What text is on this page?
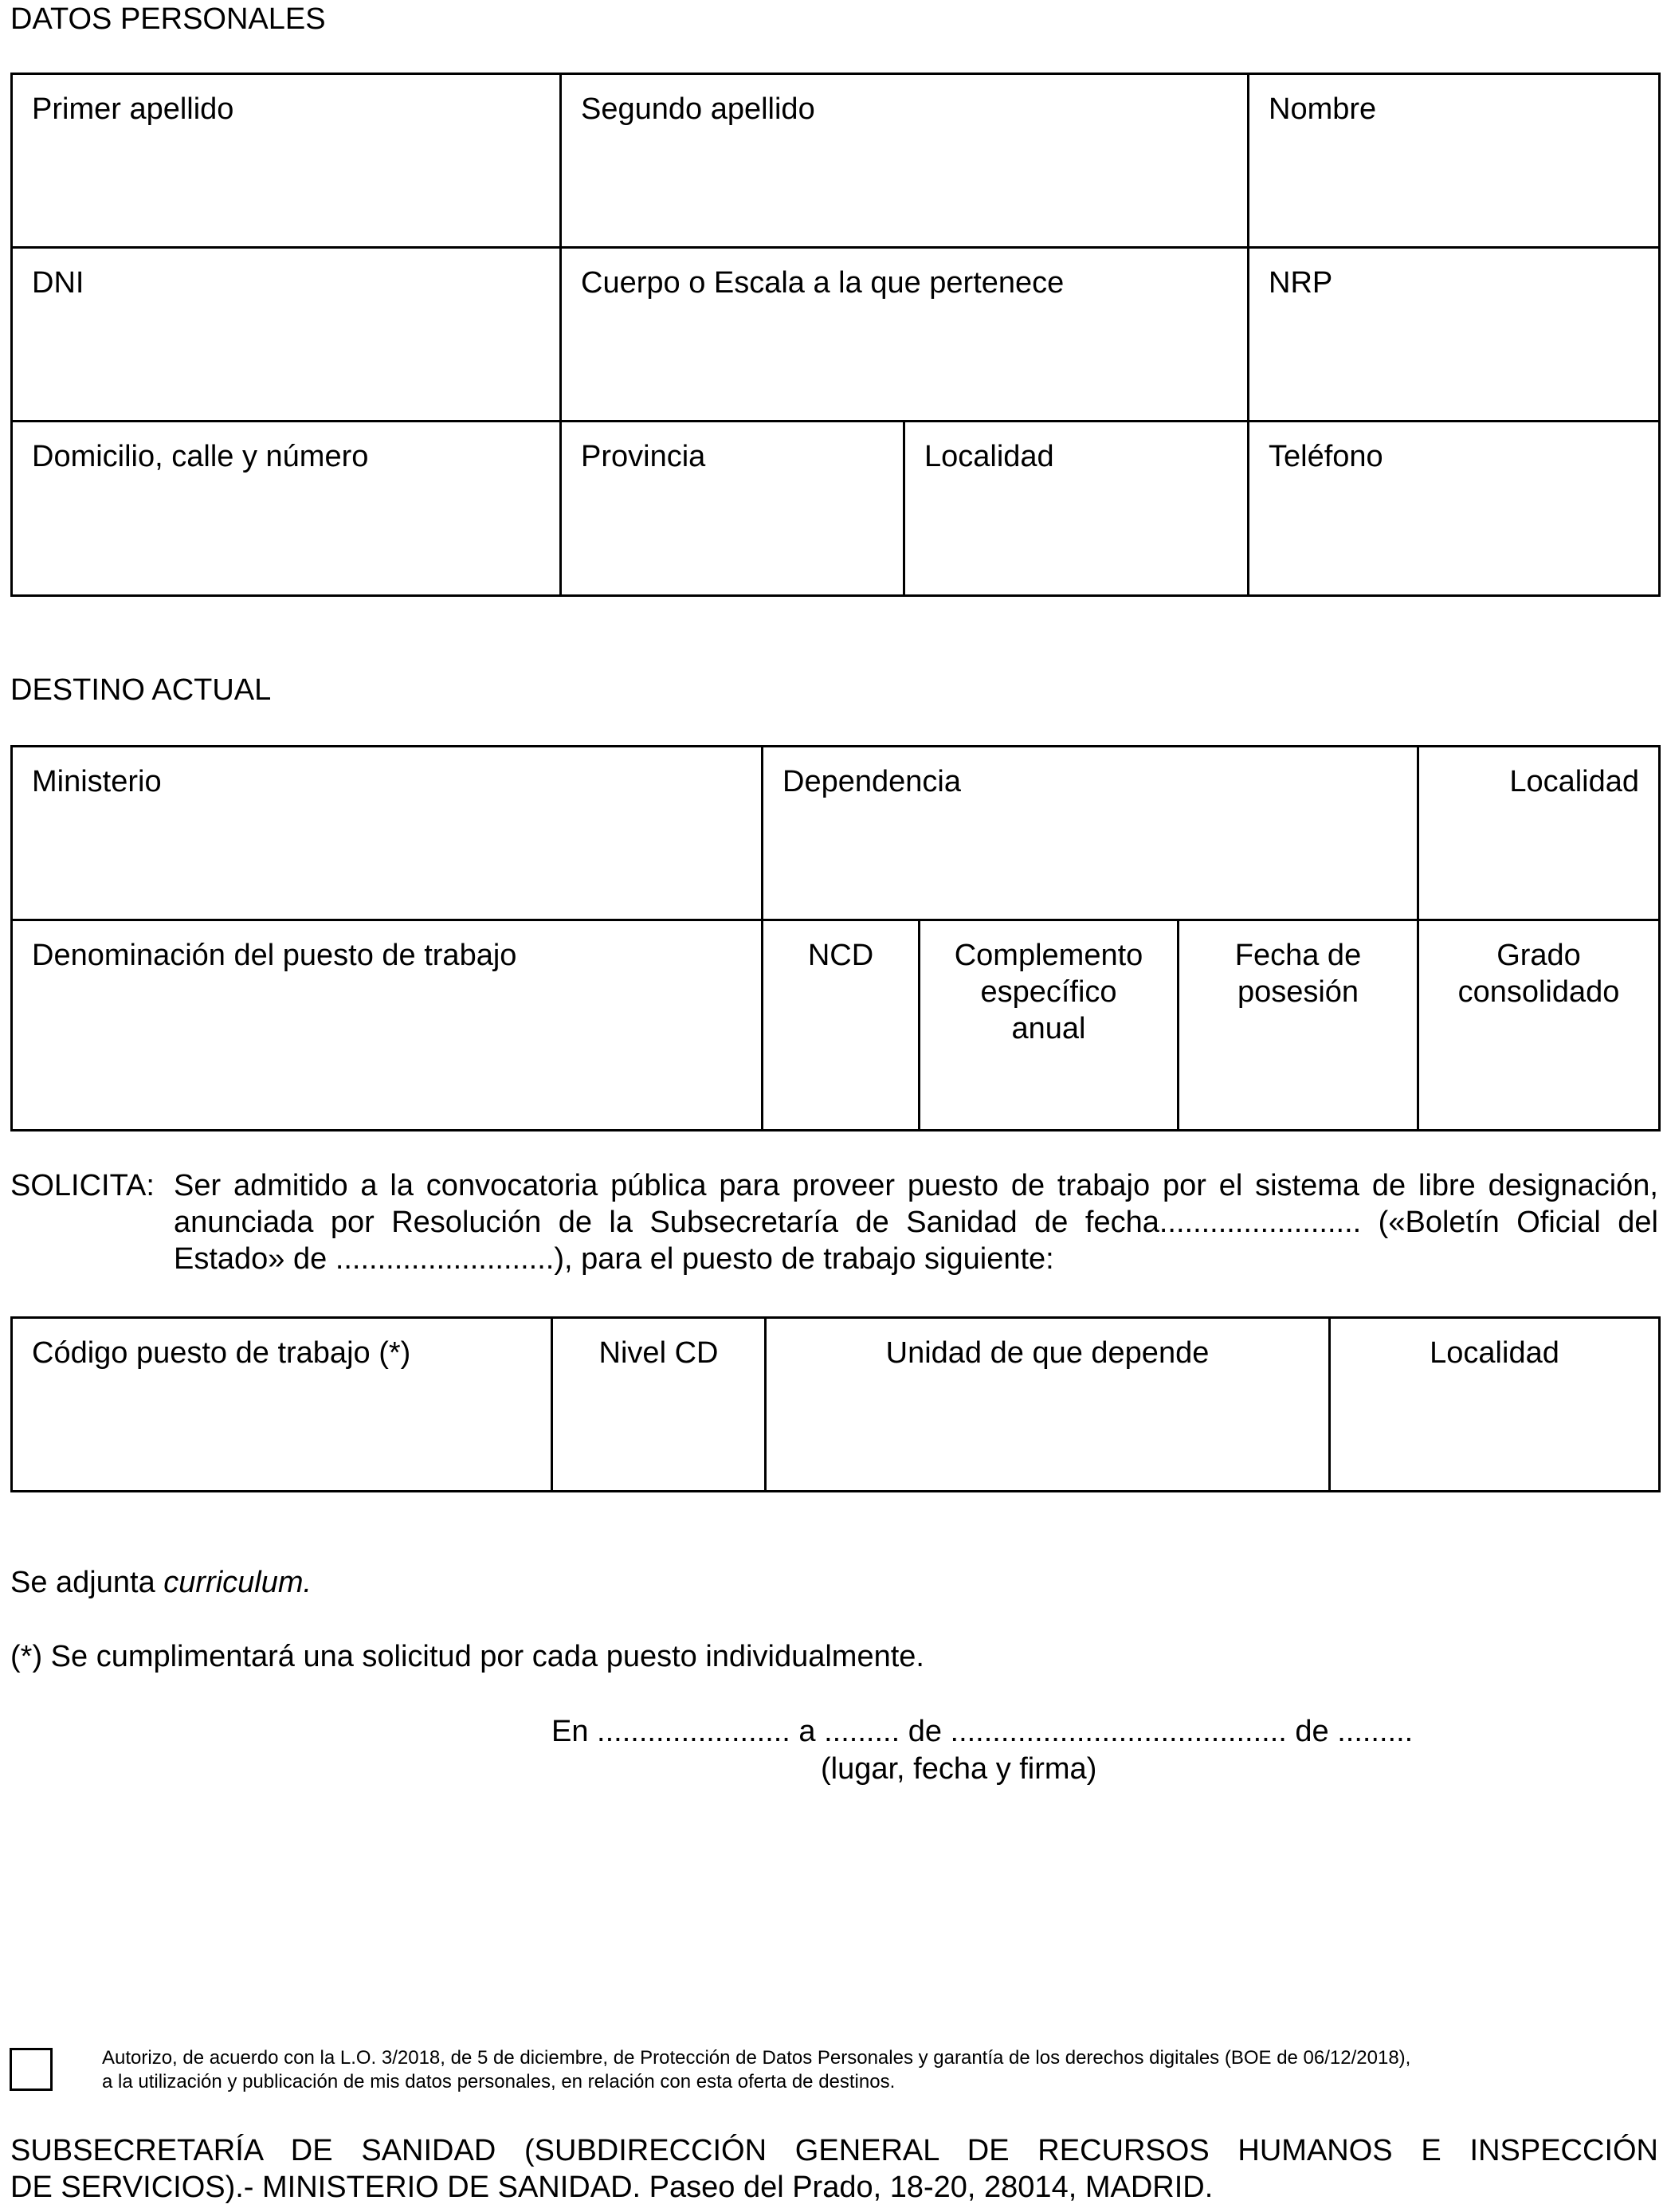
DATOS PERSONALES
Primer apellido	Segundo apellido		Nombre
DNI	Cuerpo o Escala a la que pertenece		NRP
Domicilio, calle y número	Provincia	Localidad	Teléfono
DESTINO ACTUAL
Ministerio	Dependencia			Localidad
Denominación del puesto de trabajo	NCD	Complemento específico anual	Fecha de posesión	Grado consolidado
SOLICITA: Ser admitido a la convocatoria pública para proveer puesto de trabajo por el sistema de libre designación, anunciada por Resolución de la Subsecretaría de Sanidad de fecha........................ («Boletín Oficial del Estado» de ..........................), para el puesto de trabajo siguiente:
Código puesto de trabajo (*)	Nivel CD	Unidad de que depende	Localidad
Se adjunta curriculum.
(*) Se cumplimentará una solicitud por cada puesto individualmente.
En ....................... a ......... de ........................................ de .........
(lugar, fecha y firma)
Autorizo, de acuerdo con la L.O. 3/2018, de 5 de diciembre, de Protección de Datos Personales y garantía de los derechos digitales (BOE de 06/12/2018),
a la utilización y publicación de mis datos personales, en relación con esta oferta de destinos.
SUBSECRETARÍA DE SANIDAD (SUBDIRECCIÓN GENERAL DE RECURSOS HUMANOS E INSPECCIÓN
DE SERVICIOS).- MINISTERIO DE SANIDAD. Paseo del Prado, 18-20, 28014, MADRID.
